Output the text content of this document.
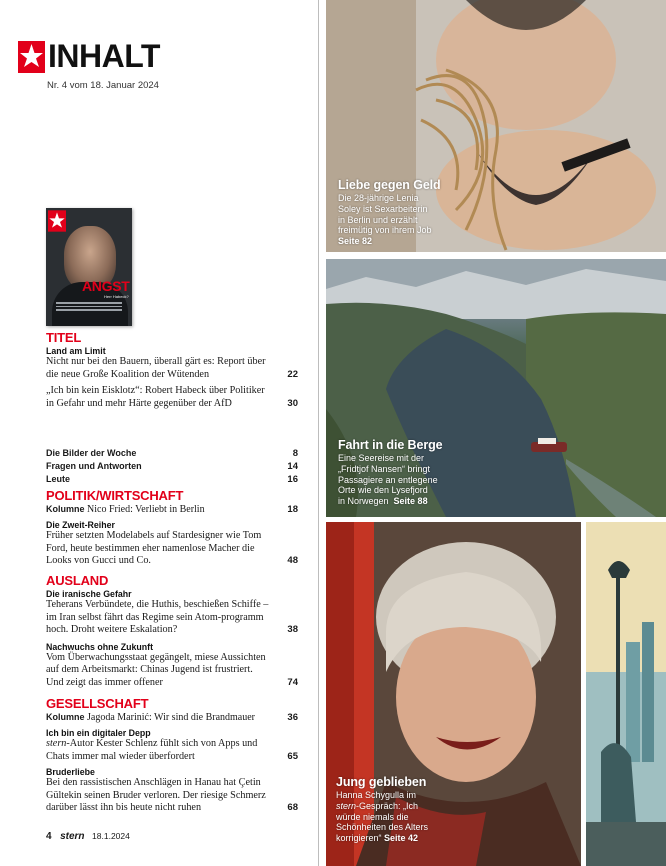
INHALT
Nr. 4 vom 18. Januar 2024
ANGST
Herr Habeck?
TITEL
Land am Limit
Nicht nur bei den Bauern, überall gärt es: Report über die neue Große Koalition der Wütenden	22
„Ich bin kein Eisklotz“: Robert Habeck über Politiker in Gefahr und mehr Härte gegenüber der AfD	30
Die Bilder der Woche	8
Fragen und Antworten	14
Leute	16
POLITIK/WIRTSCHAFT
Kolumne Nico Fried: Verliebt in Berlin	18
Die Zweit-Reiher
Früher setzten Modelabels auf Stardesigner wie Tom Ford, heute bestimmen eher namenlose Macher die Looks von Gucci und Co.	48
AUSLAND
Die iranische Gefahr
Teherans Verbündete, die Huthis, beschießen Schiffe –im Iran selbst fährt das Regime sein Atom-programm hoch. Droht weitere Eskalation?	38
Nachwuchs ohne Zukunft
Vom Überwachungsstaat gegängelt, miese Aussichten auf dem Arbeitsmarkt: Chinas Jugend ist frustriert. Und zeigt das immer offener	74
GESELLSCHAFT
Kolumne Jagoda Marinić: Wir sind die Brandmauer	36
Ich bin ein digitaler Depp
stern-Autor Kester Schlenz fühlt sich von Apps und Chats immer mal wieder überfordert	65
Bruderliebe
Bei den rassistischen Anschlägen in Hanau hat Çetin Gültekin seinen Bruder verloren. Der riesige Schmerz darüber lässt ihn bis heute nicht ruhen	68
4 stern 18.1.2024
Liebe gegen Geld
Die 28-jährige Lenia
Soley ist Sexarbeiterin
in Berlin und erzählt
freimütig von ihrem Job
Seite 82
Fahrt in die Berge
Eine Seereise mit der
„Fridtjof Nansen“ bringt
Passagiere an entlegene
Orte wie den Lysefjord
in Norwegen Seite 88
Jung geblieben
Hanna Schygulla im
stern-Gespräch: „Ich
würde niemals die
Schönheiten des Alters
korrigieren“ Seite 42
